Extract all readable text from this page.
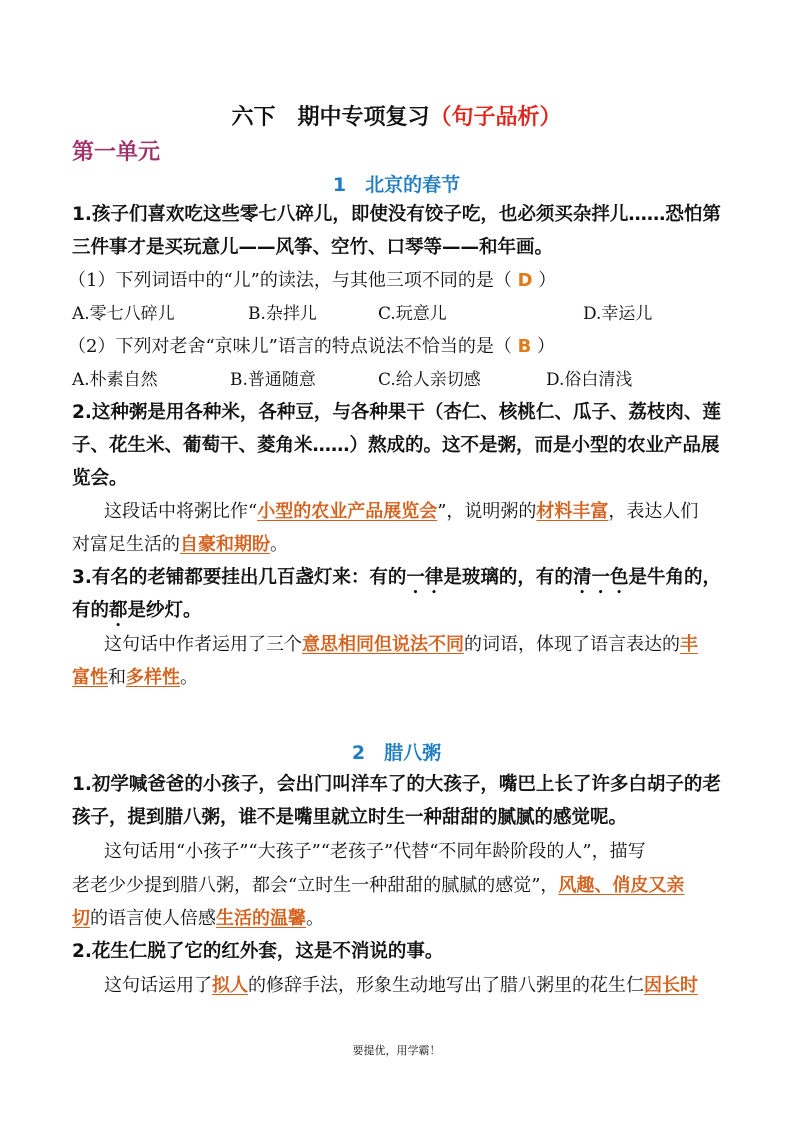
六下　期中专项复习（句子品析）
第一单元
1　北京的春节
2　腊八粥
1.孩子们喜欢吃这些零七八碎儿，即使没有饺子吃，也必须买杂拌儿……恐怕第
三件事才是买玩意儿——风筝、空竹、口琴等——和年画。
（1）下列词语中的“儿”的读法，与其他三项不同的是（ D ）
（2）下列对老舍“京味儿”语言的特点说法不恰当的是（ B ）
2.这种粥是用各种米，各种豆，与各种果干（杏仁、核桃仁、瓜子、荔枝肉、莲
子、花生米、葡萄干、菱角米……）熬成的。这不是粥，而是小型的农业产品展
览会。
这段话中将粥比作“小型的农业产品展览会”，说明粥的材料丰富，表达人们
对富足生活的自豪和期盼。
3.有名的老铺都要挂出几百盏灯来：有的一律是玻璃的，有的清一色是牛角的，
有的都是纱灯。
这句话中作者运用了三个意思相同但说法不同的词语，体现了语言表达的丰
富性和多样性。
1.初学喊爸爸的小孩子，会出门叫洋车了的大孩子，嘴巴上长了许多白胡子的老
孩子，提到腊八粥，谁不是嘴里就立时生一种甜甜的腻腻的感觉呢。
这句话用“小孩子”“大孩子”“老孩子”代替“不同年龄阶段的人”，描写
老老少少提到腊八粥，都会“立时生一种甜甜的腻腻的感觉”，风趣、俏皮又亲
切的语言使人倍感生活的温馨。
2.花生仁脱了它的红外套，这是不消说的事。
这句话运用了拟人的修辞手法，形象生动地写出了腊八粥里的花生仁因长时
A.零七八碎儿	B.杂拌儿	C.玩意儿	D.幸运儿
A.朴素自然	B.普通随意	C.给人亲切感	D.俗白清浅
要提优，用学霸！
